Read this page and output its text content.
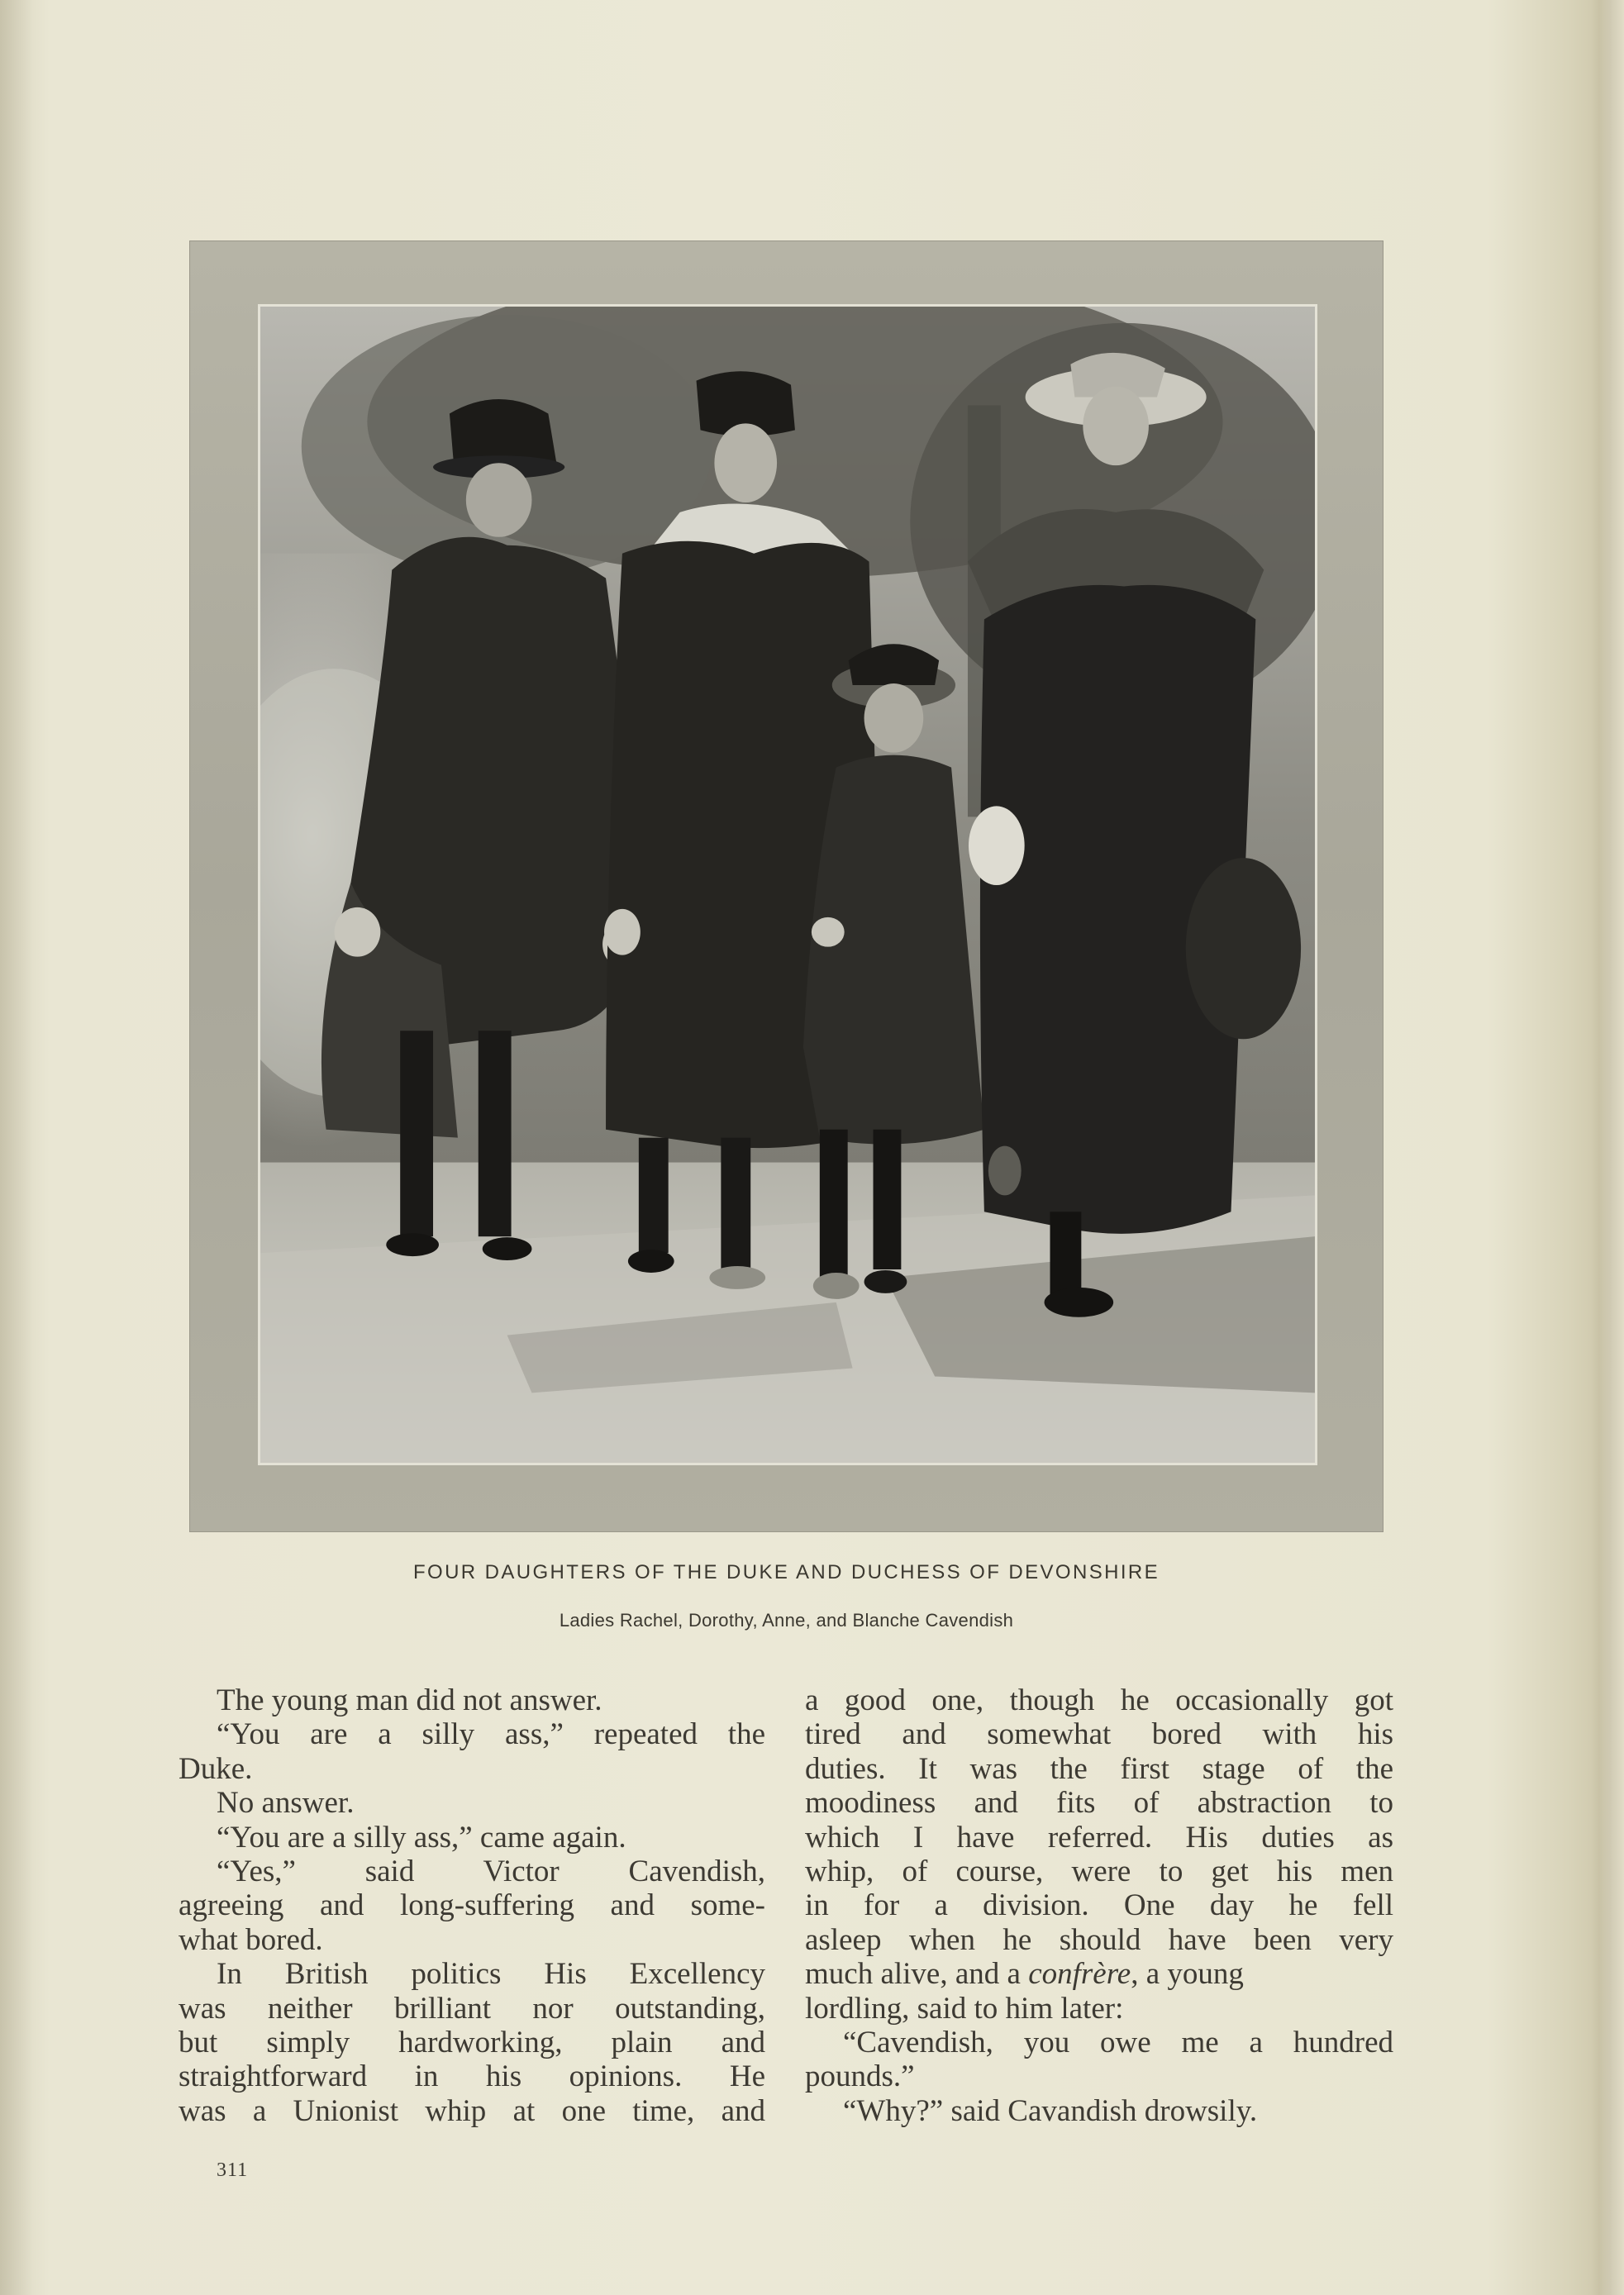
FOUR DAUGHTERS OF THE DUKE AND DUCHESS OF DEVONSHIRE
Ladies Rachel, Dorothy, Anne, and Blanche Cavendish
The young man did not answer.
“You are a silly ass,” repeated the
Duke.
No answer.
“You are a silly ass,” came again.
“Yes,” said Victor Cavendish,
agreeing and long-suffering and some-
what bored.
In British politics His Excellency
was neither brilliant nor outstanding,
but simply hardworking, plain and
straightforward in his opinions. He
was a Unionist whip at one time, and
a good one, though he occasionally got
tired and somewhat bored with his
duties. It was the first stage of the
moodiness and fits of abstraction to
which I have referred. His duties as
whip, of course, were to get his men
in for a division. One day he fell
asleep when he should have been very
much alive, and a confrère, a young
lordling, said to him later:
“Cavendish, you owe me a hundred
pounds.”
“Why?” said Cavandish drowsily.
311
